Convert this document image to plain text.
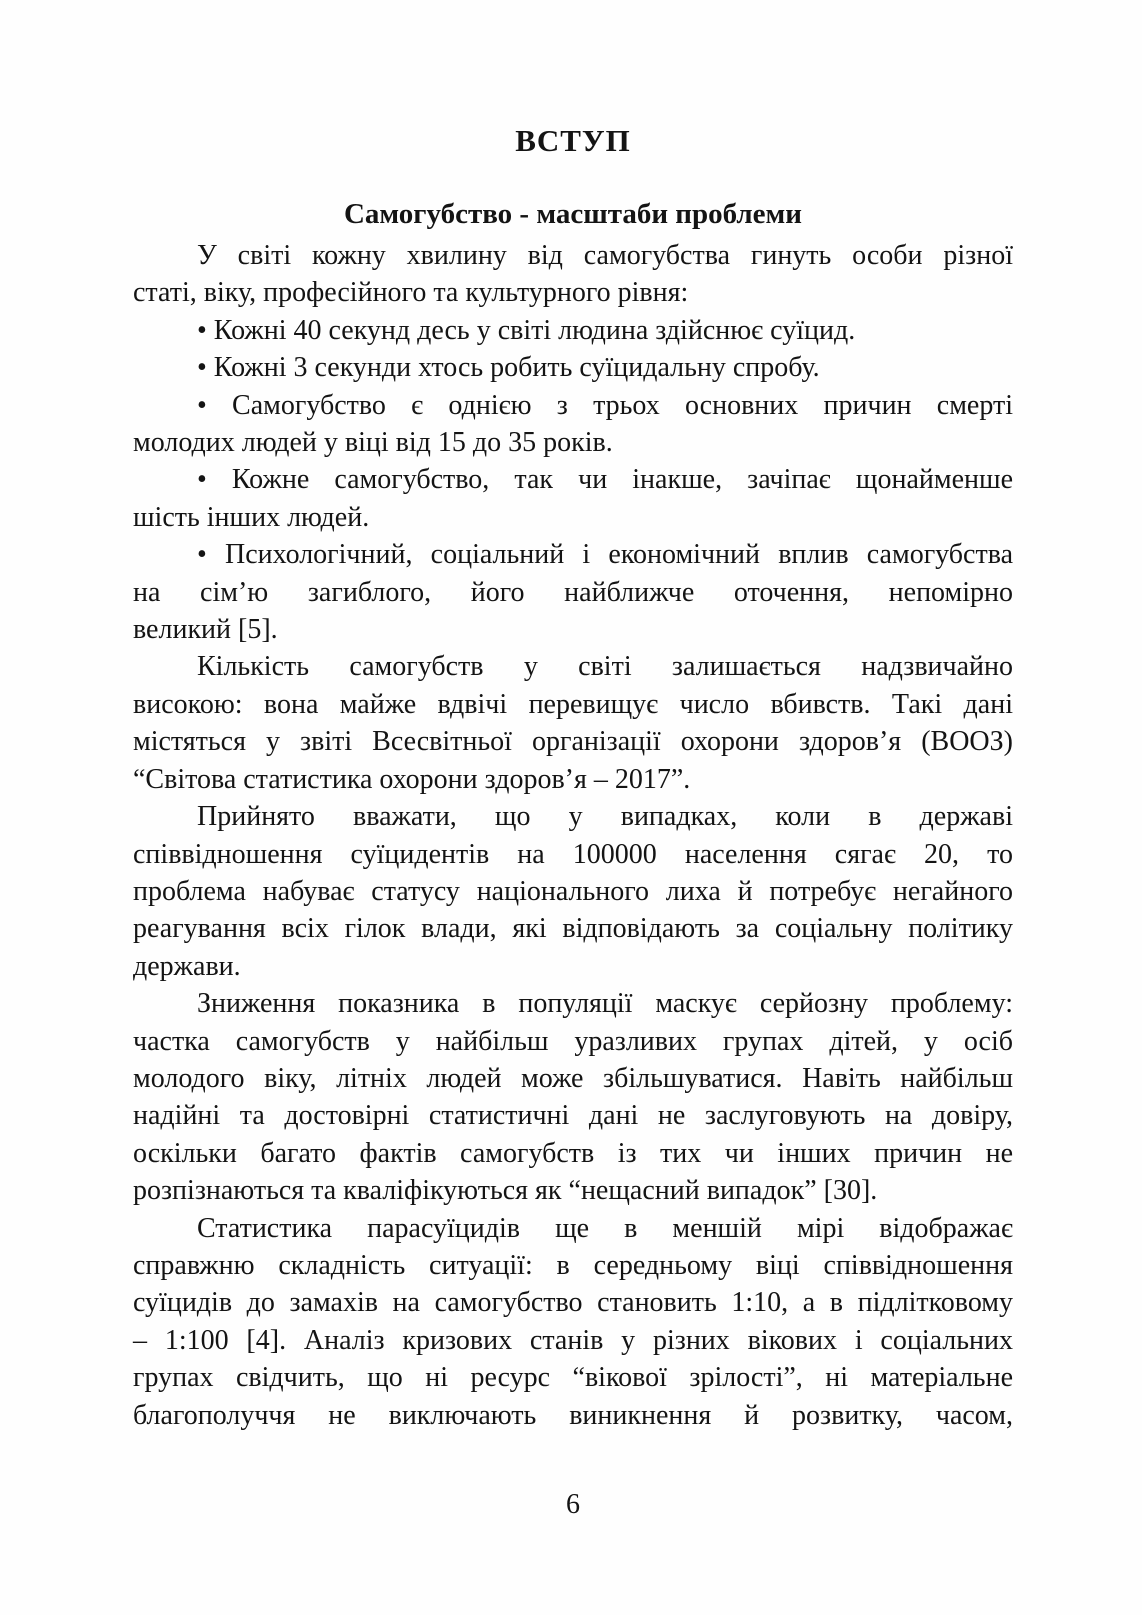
ВСТУП
Самогубство - масштаби проблеми
У світі кожну хвилину від самогубства гинуть особи різної
статі, віку, професійного та культурного рівня:
• Кожні 40 секунд десь у світі людина здійснює суїцид.
• Кожні 3 секунди хтось робить суїцидальну спробу.
• Самогубство є однією з трьох основних причин смерті
молодих людей у віці від 15 до 35 років.
• Кожне самогубство, так чи інакше, зачіпає щонайменше
шість інших людей.
• Психологічний, соціальний і економічний вплив самогубства
на сім’ю загиблого, його найближче оточення, непомірно
великий [5].
Кількість самогубств у світі залишається надзвичайно
високою: вона майже вдвічі перевищує число вбивств. Такі дані
містяться у звіті Всесвітньої організації охорони здоров’я (ВООЗ)
“Світова статистика охорони здоров’я – 2017”.
Прийнято вважати, що у випадках, коли в державі
співвідношення суїцидентів на 100000 населення сягає 20, то
проблема набуває статусу національного лиха й потребує негайного
реагування всіх гілок влади, які відповідають за соціальну політику
держави.
Зниження показника в популяції маскує серйозну проблему:
частка самогубств у найбільш уразливих групах дітей, у осіб
молодого віку, літніх людей може збільшуватися. Навіть найбільш
надійні та достовірні статистичні дані не заслуговують на довіру,
оскільки багато фактів самогубств із тих чи інших причин не
розпізнаються та кваліфікуються як “нещасний випадок” [30].
Статистика парасуїцидів ще в меншій мірі відображає
справжню складність ситуації: в середньому віці співвідношення
суїцидів до замахів на самогубство становить 1:10, а в підлітковому
– 1:100 [4]. Аналіз кризових станів у різних вікових і соціальних
групах свідчить, що ні ресурс “вікової зрілості”, ні матеріальне
благополуччя не виключають виникнення й розвитку, часом,
6
